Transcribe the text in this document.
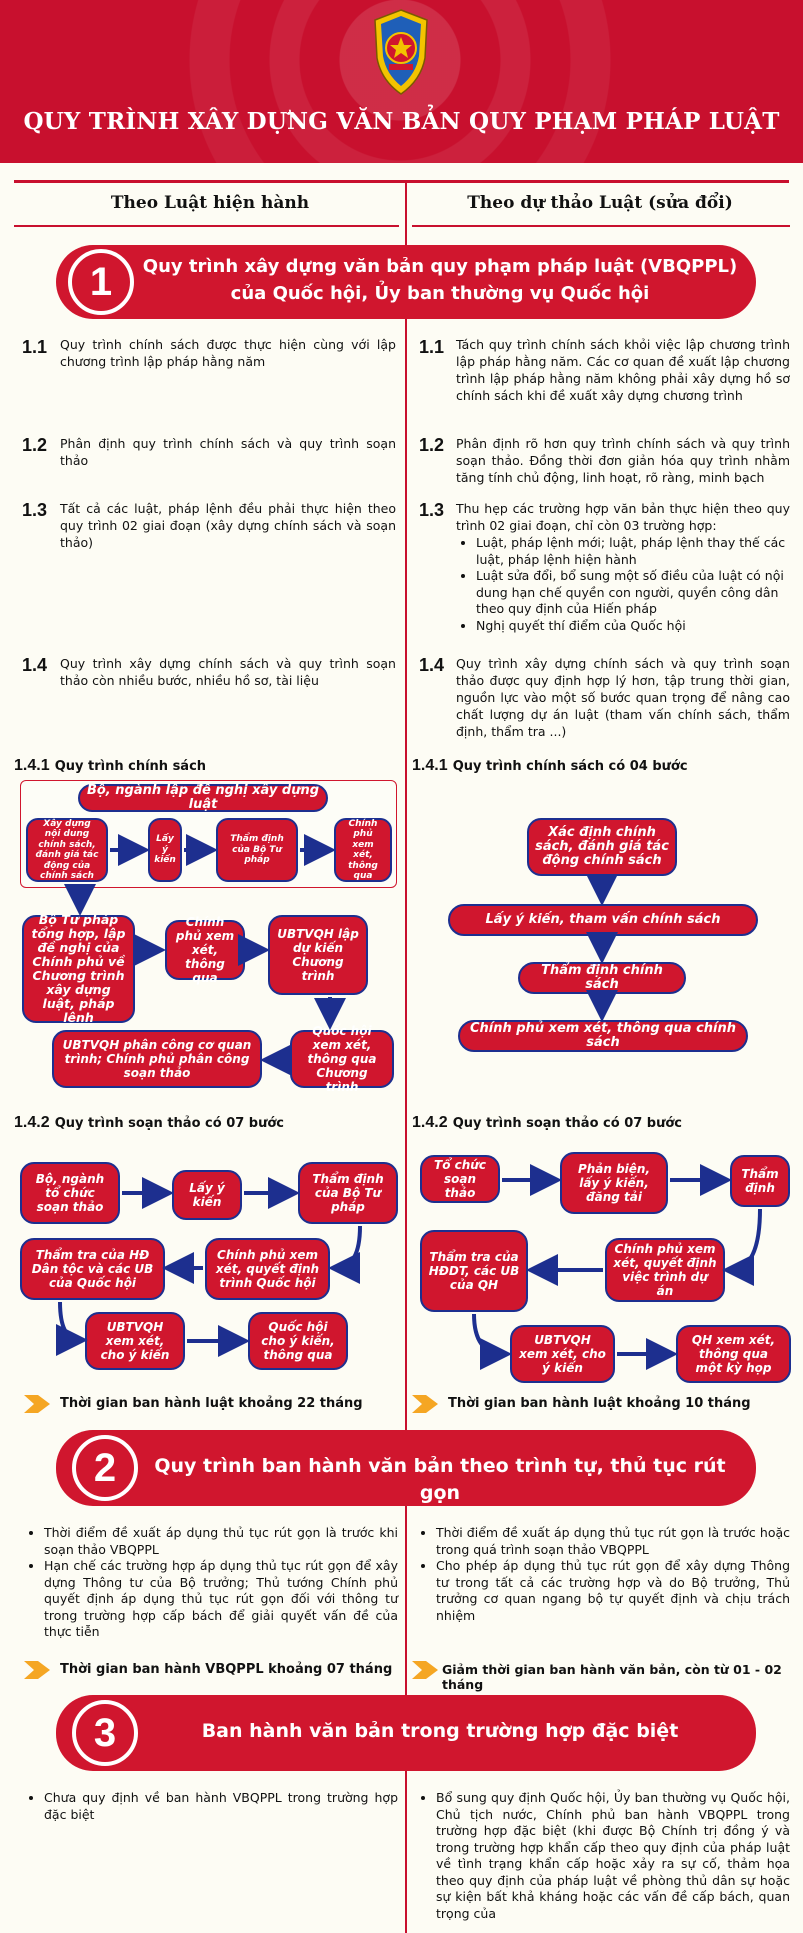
QUY TRÌNH XÂY DỰNG VĂN BẢN QUY PHẠM PHÁP LUẬT
Theo Luật hiện hành	Theo dự thảo Luật (sửa đổi)
1	Quy trình xây dựng văn bản quy phạm pháp luật (VBQPPL)
của Quốc hội, Ủy ban thường vụ Quốc hội
1.1 Quy trình chính sách được thực hiện cùng với lập chương trình lập pháp hằng năm
1.1 Tách quy trình chính sách khỏi việc lập chương trình lập pháp hằng năm. Các cơ quan đề xuất lập chương trình lập pháp hằng năm không phải xây dựng hồ sơ chính sách khi đề xuất xây dựng chương trình
1.2 Phân định quy trình chính sách và quy trình soạn thảo
1.2 Phân định rõ hơn quy trình chính sách và quy trình soạn thảo. Đồng thời đơn giản hóa quy trình nhằm tăng tính chủ động, linh hoạt, rõ ràng, minh bạch
1.3 Tất cả các luật, pháp lệnh đều phải thực hiện theo quy trình 02 giai đoạn (xây dựng chính sách và soạn thảo)
1.3 Thu hẹp các trường hợp văn bản thực hiện theo quy trình 02 giai đoạn, chỉ còn 03 trường hợp:
• Luật, pháp lệnh mới; luật, pháp lệnh thay thế các luật, pháp lệnh hiện hành
• Luật sửa đổi, bổ sung một số điều của luật có nội dung hạn chế quyền con người, quyền công dân theo quy định của Hiến pháp
• Nghị quyết thí điểm của Quốc hội
1.4 Quy trình xây dựng chính sách và quy trình soạn thảo còn nhiều bước, nhiều hồ sơ, tài liệu
1.4 Quy trình xây dựng chính sách và quy trình soạn thảo được quy định hợp lý hơn, tập trung thời gian, nguồn lực vào một số bước quan trọng để nâng cao chất lượng dự án luật (tham vấn chính sách, thẩm định, thẩm tra ...)
1.4.1 Quy trình chính sách	1.4.1 Quy trình chính sách có 04 bước
Bộ, ngành lập đề nghị xây dựng luật
Xây dựng nội dung chính sách, đánh giá tác động của chính sách
Lấy ý kiến
Thẩm định của Bộ Tư pháp
Chính phủ xem xét, thông qua
Bộ Tư pháp tổng hợp, lập đề nghị của Chính phủ về Chương trình xây dựng luật, pháp lệnh
Chính phủ xem xét, thông qua
UBTVQH lập dự kiến Chương trình
Quốc hội xem xét, thông qua Chương trình
UBTVQH phân công cơ quan trình; Chính phủ phân công soạn thảo
Xác định chính sách, đánh giá tác động chính sách
Lấy ý kiến, tham vấn chính sách
Thẩm định chính sách
Chính phủ xem xét, thông qua chính sách
1.4.2 Quy trình soạn thảo có 07 bước	1.4.2 Quy trình soạn thảo có 07 bước
Bộ, ngành tổ chức soạn thảo
Lấy ý kiến
Thẩm định của Bộ Tư pháp
Chính phủ xem xét, quyết định trình Quốc hội
Thẩm tra của HĐ Dân tộc và các UB của Quốc hội
UBTVQH xem xét, cho ý kiến
Quốc hội cho ý kiến, thông qua
Tổ chức soạn thảo
Phản biện, lấy ý kiến, đăng tải
Thẩm định
Chính phủ xem xét, quyết định việc trình dự án
Thẩm tra của HĐDT, các UB của QH
UBTVQH xem xét, cho ý kiến
QH xem xét, thông qua một kỳ họp
Thời gian ban hành luật khoảng 22 tháng	Thời gian ban hành luật khoảng 10 tháng
2	Quy trình ban hành văn bản theo trình tự, thủ tục rút gọn
• Thời điểm đề xuất áp dụng thủ tục rút gọn là trước khi soạn thảo VBQPPL
• Hạn chế các trường hợp áp dụng thủ tục rút gọn để xây dựng Thông tư của Bộ trưởng; Thủ tướng Chính phủ quyết định áp dụng thủ tục rút gọn đối với thông tư trong trường hợp cấp bách để giải quyết vấn đề của thực tiễn
• Thời điểm đề xuất áp dụng thủ tục rút gọn là trước hoặc trong quá trình soạn thảo VBQPPL
• Cho phép áp dụng thủ tục rút gọn để xây dựng Thông tư trong tất cả các trường hợp và do Bộ trưởng, Thủ trưởng cơ quan ngang bộ tự quyết định và chịu trách nhiệm
Thời gian ban hành VBQPPL khoảng 07 tháng	Giảm thời gian ban hành văn bản, còn từ 01 - 02 tháng
3	Ban hành văn bản trong trường hợp đặc biệt
• Chưa quy định về ban hành VBQPPL trong trường hợp đặc biệt
• Bổ sung quy định Quốc hội, Ủy ban thường vụ Quốc hội, Chủ tịch nước, Chính phủ ban hành VBQPPL trong trường hợp đặc biệt (khi được Bộ Chính trị đồng ý và trong trường hợp khẩn cấp theo quy định của pháp luật về tình trạng khẩn cấp hoặc xảy ra sự cố, thảm họa theo quy định của pháp luật về phòng thủ dân sự hoặc sự kiện bất khả kháng hoặc các vấn đề cấp bách, quan trọng của
